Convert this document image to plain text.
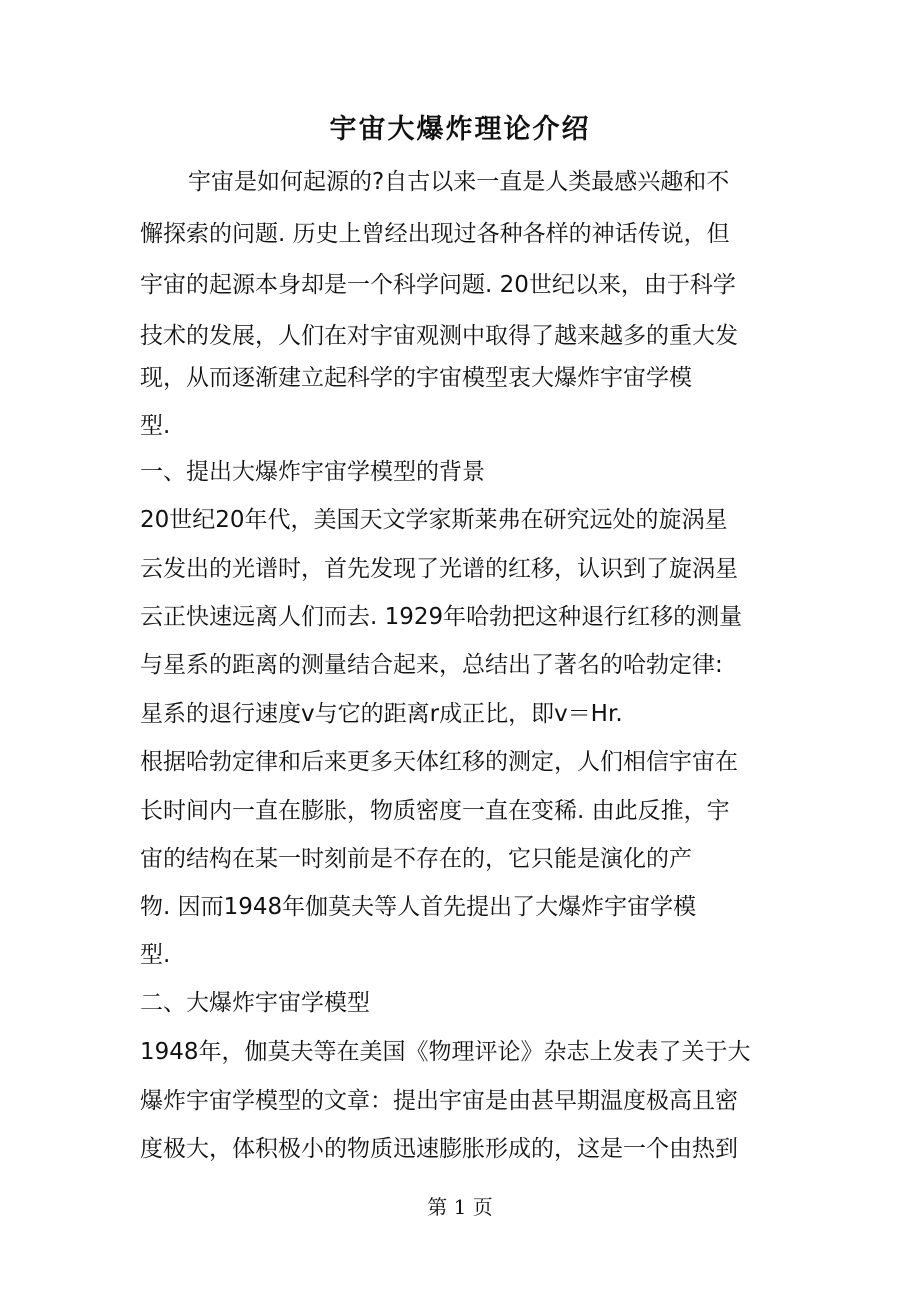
宇宙大爆炸理论介绍
宇宙是如何起源的?自古以来一直是人类最感兴趣和不
懈探索的问题. 历史上曾经出现过各种各样的神话传说，但
宇宙的起源本身却是一个科学问题. 20世纪以来，由于科学
技术的发展，人们在对宇宙观测中取得了越来越多的重大发
现，从而逐渐建立起科学的宇宙模型衷大爆炸宇宙学模
型.
一、提出大爆炸宇宙学模型的背景
20世纪20年代，美国天文学家斯莱弗在研究远处的旋涡星
云发出的光谱时，首先发现了光谱的红移，认识到了旋涡星
云正快速远离人们而去. 1929年哈勃把这种退行红移的测量
与星系的距离的测量结合起来，总结出了著名的哈勃定律:
星系的退行速度v与它的距离r成正比，即v＝Hr.
根据哈勃定律和后来更多天体红移的测定，人们相信宇宙在
长时间内一直在膨胀，物质密度一直在变稀. 由此反推，宇
宙的结构在某一时刻前是不存在的，它只能是演化的产
物. 因而1948年伽莫夫等人首先提出了大爆炸宇宙学模
型.
二、大爆炸宇宙学模型
1948年，伽莫夫等在美国《物理评论》杂志上发表了关于大
爆炸宇宙学模型的文章：提出宇宙是由甚早期温度极高且密
度极大，体积极小的物质迅速膨胀形成的，这是一个由热到
第 1 页
